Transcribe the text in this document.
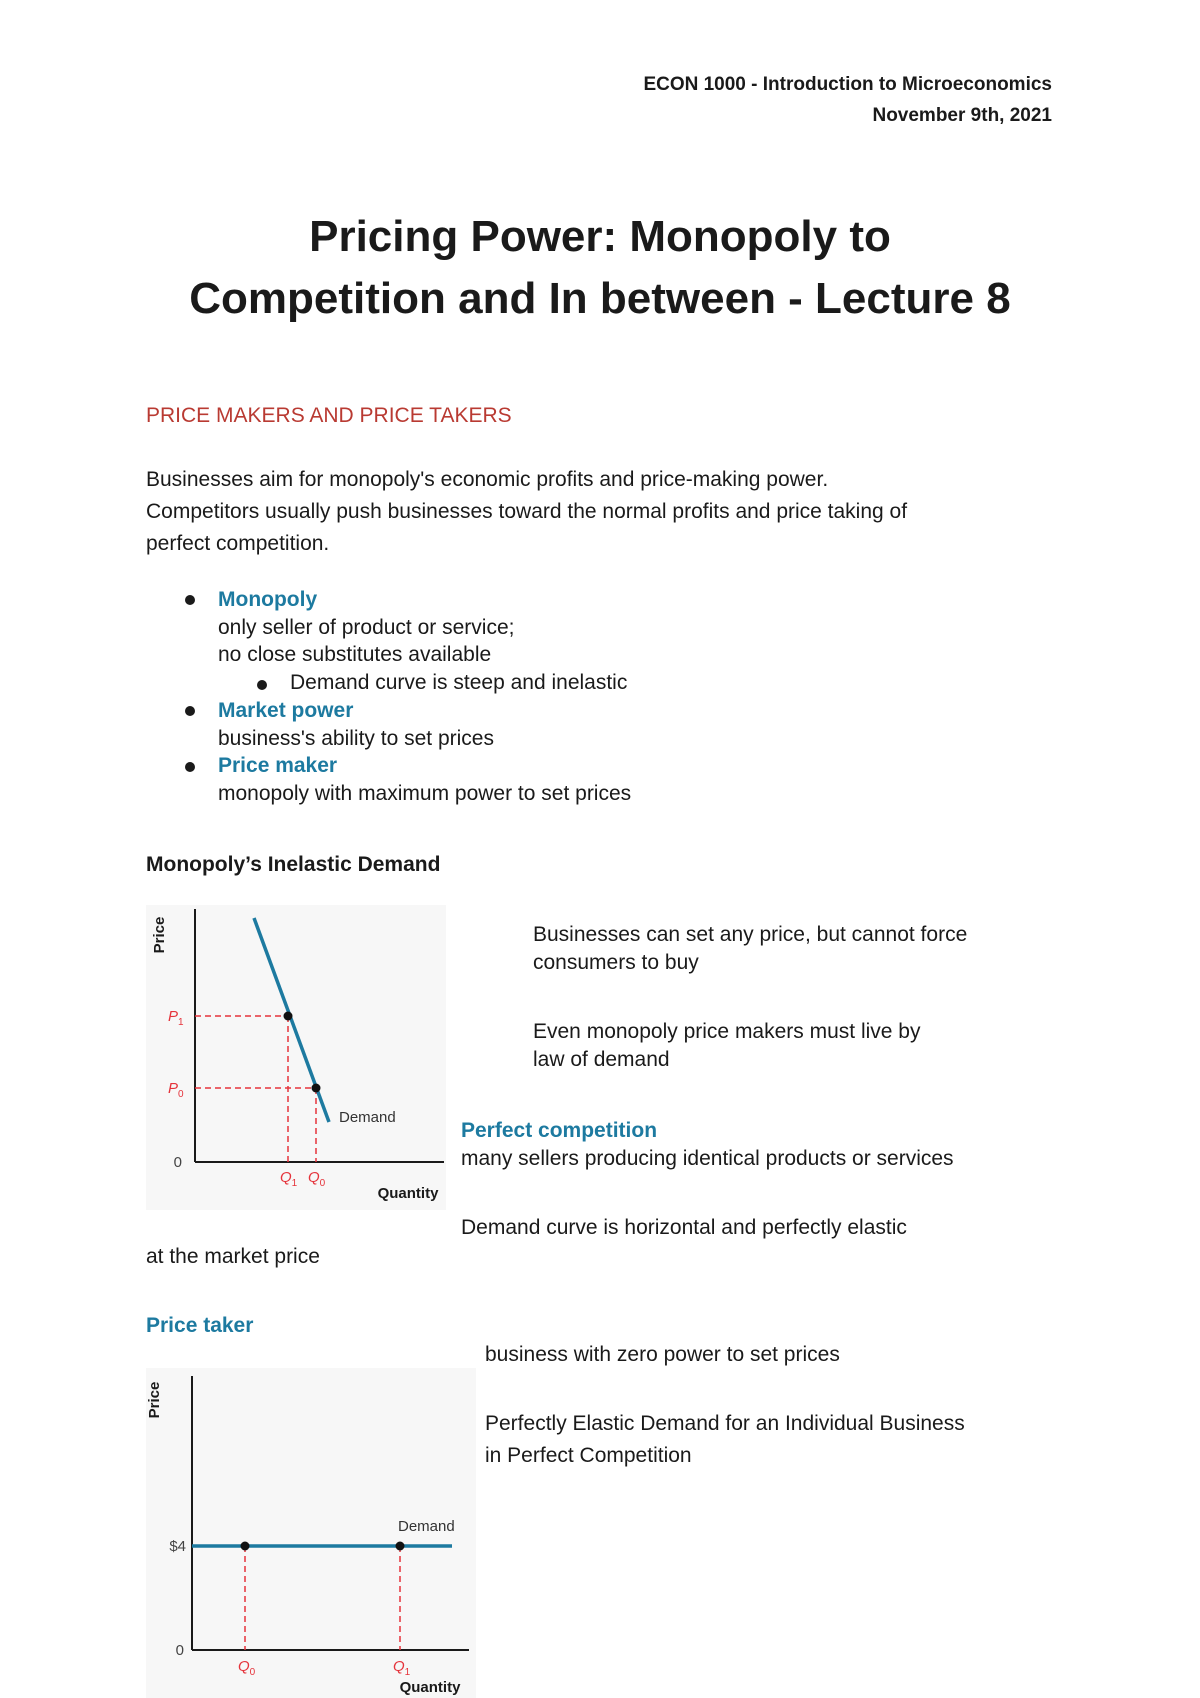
ECON 1000 - Introduction to Microeconomics
November 9th, 2021
Pricing Power: Monopoly to
Competition and In between - Lecture 8
PRICE MAKERS AND PRICE TAKERS
Businesses aim for monopoly's economic profits and price-making power.
Competitors usually push businesses toward the normal profits and price taking of
perfect competition.
Monopoly
only seller of product or service;
no close substitutes available
Demand curve is steep and inelastic
Market power
business's ability to set prices
Price maker
monopoly with maximum power to set prices
Monopoly’s Inelastic Demand
Price
Quantity
0
Demand
$P_1$
$P_0$
$Q_1$ $Q_0$
Businesses can set any price, but cannot force
consumers to buy
Even monopoly price makers must live by
law of demand
Perfect competition
many sellers producing identical products or services
Demand curve is horizontal and perfectly elastic
at the market price
Price taker
business with zero power to set prices
Perfectly Elastic Demand for an Individual Business
in Perfect Competition
Price
Quantity
0
$4
Demand
$Q_0$	$Q_1$
